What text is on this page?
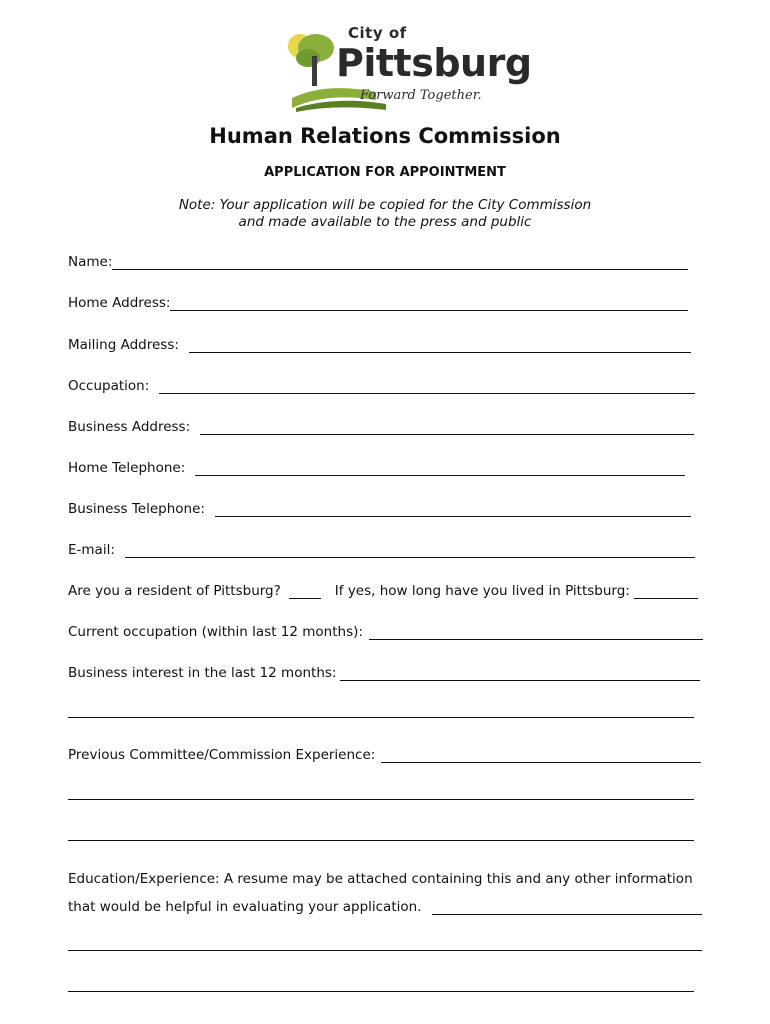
City of
Pittsburg
Forward Together.
Human Relations Commission
APPLICATION FOR APPOINTMENT
Note: Your application will be copied for the City Commission
and made available to the press and public
Name:
Home Address:
Mailing Address:
Occupation:
Business Address:
Home Telephone:
Business Telephone:
E-mail:
Are you a resident of Pittsburg?	If yes, how long have you lived in Pittsburg:
Current occupation (within last 12 months):
Business interest in the last 12 months:
Previous Committee/Commission Experience:
Education/Experience: A resume may be attached containing this and any other information
that would be helpful in evaluating your application.
